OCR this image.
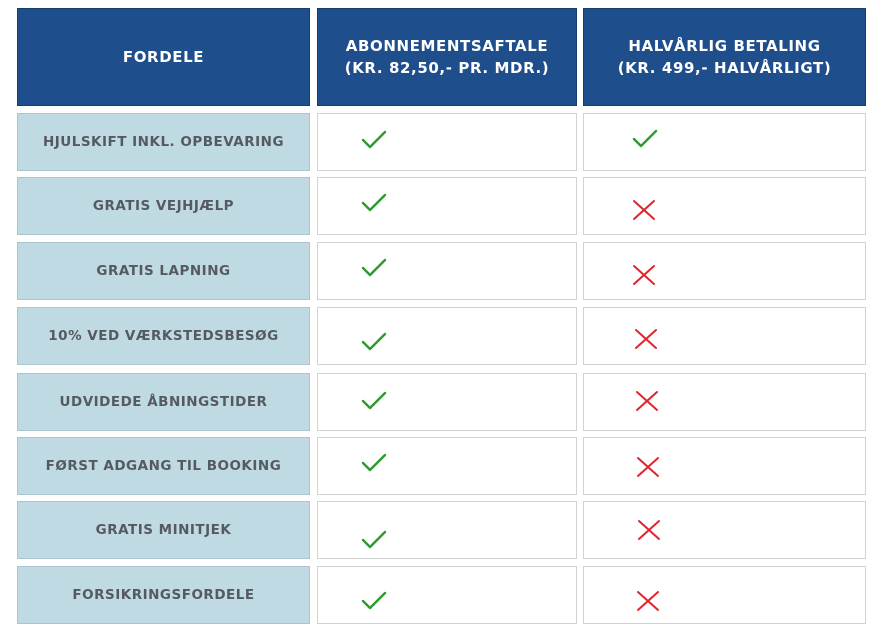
FORDELE
ABONNEMENTSAFTALE
(KR. 82,50,- PR. MDR.)
HALVÅRLIG BETALING
(KR. 499,- HALVÅRLIGT)
HJULSKIFT INKL. OPBEVARING
GRATIS VEJHJÆLP
GRATIS LAPNING
10% VED VÆRKSTEDSBESØG
UDVIDEDE ÅBNINGSTIDER
FØRST ADGANG TIL BOOKING
GRATIS MINITJEK
FORSIKRINGSFORDELE
